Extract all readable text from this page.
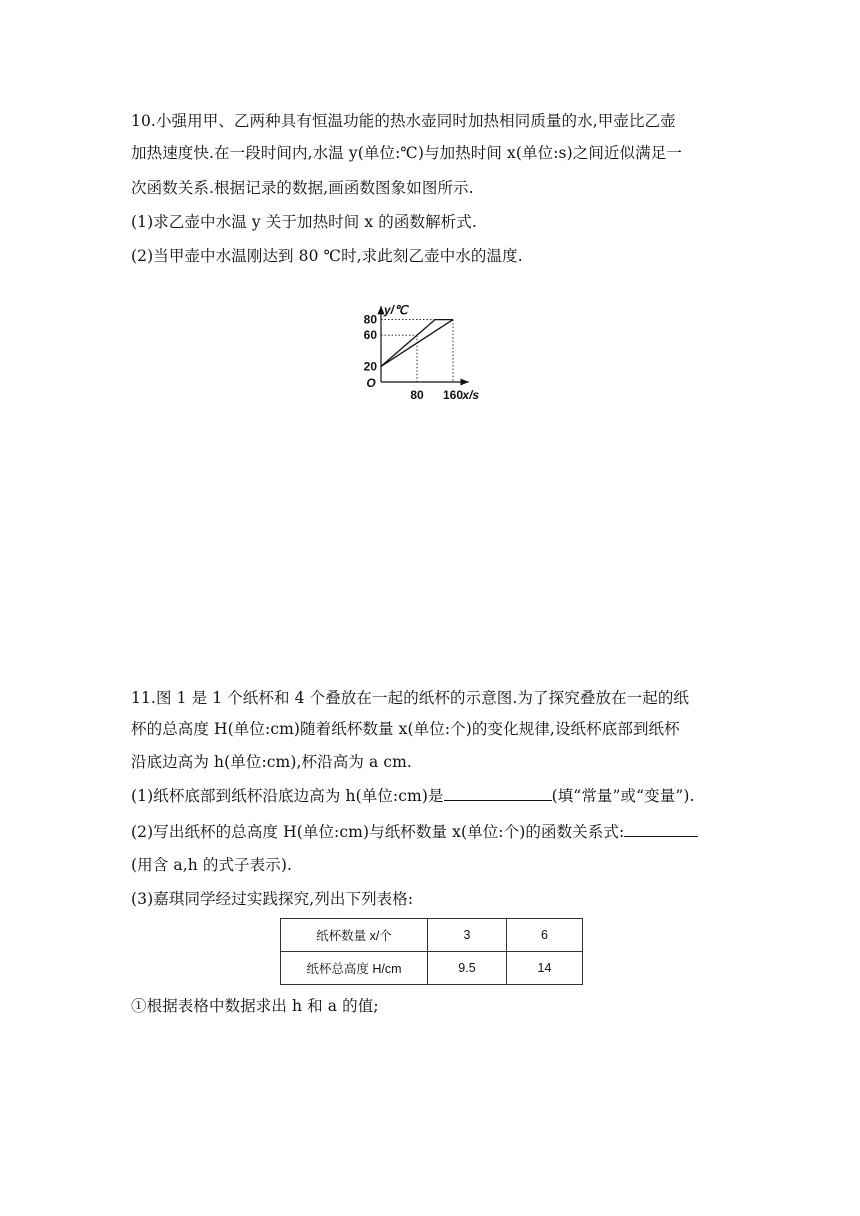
10.小强用甲、乙两种具有恒温功能的热水壶同时加热相同质量的水,甲壶比乙壶
加热速度快.在一段时间内,水温 y(单位:℃)与加热时间 x(单位:s)之间近似满足一
次函数关系.根据记录的数据,画函数图象如图所示.
(1)求乙壶中水温 y 关于加热时间 x 的函数解析式.
(2)当甲壶中水温刚达到 80 ℃时,求此刻乙壶中水的温度.
20
60
80
80 160
O
y/℃
x/s
11.图 1 是 1 个纸杯和 4 个叠放在一起的纸杯的示意图.为了探究叠放在一起的纸
杯的总高度 H(单位:cm)随着纸杯数量 x(单位:个)的变化规律,设纸杯底部到纸杯
沿底边高为 h(单位:cm),杯沿高为 a cm.
(1)纸杯底部到纸杯沿底边高为 h(单位:cm)是	(填“常量”或“变量”).
(2)写出纸杯的总高度 H(单位:cm)与纸杯数量 x(单位:个)的函数关系式:
(用含 a,h 的式子表示).
(3)嘉琪同学经过实践探究,列出下列表格:
纸杯数量 x/个	3	6
纸杯总高度 H/cm	9.5	14
①根据表格中数据求出 h 和 a 的值;
